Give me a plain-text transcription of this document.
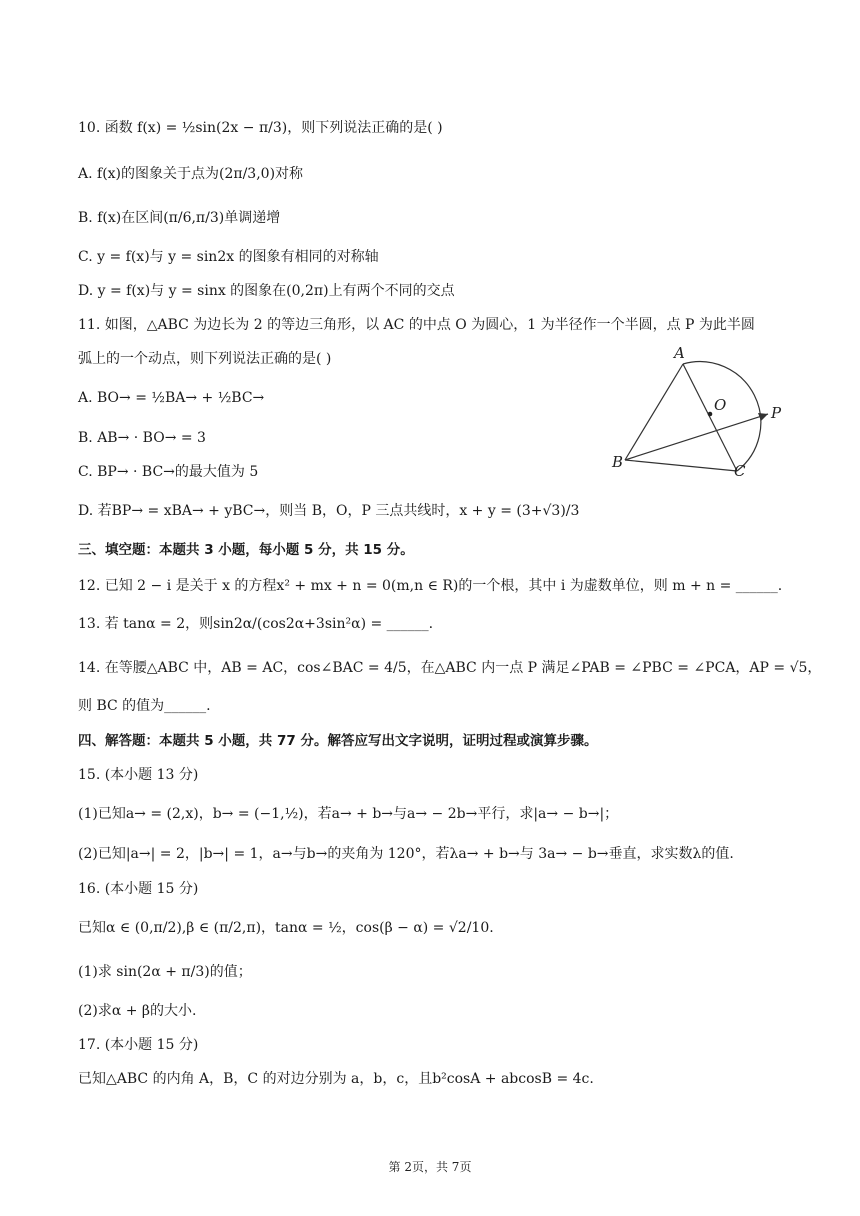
10. 函数 f(x) = ½sin(2x − π/3)，则下列说法正确的是( )
A. f(x)的图象关于点为(2π/3,0)对称
B. f(x)在区间(π/6,π/3)单调递增
C. y = f(x)与 y = sin2x 的图象有相同的对称轴
D. y = f(x)与 y = sinx 的图象在(0,2π)上有两个不同的交点
11. 如图，△ABC 为边长为 2 的等边三角形，以 AC 的中点 O 为圆心，1 为半径作一个半圆，点 P 为此半圆
弧上的一个动点，则下列说法正确的是( )
A. BO→ = ½BA→ + ½BC→
B. AB→ · BO→ = 3
C. BP→ · BC→的最大值为 5
D. 若BP→ = xBA→ + yBC→，则当 B，O，P 三点共线时，x + y = (3+√3)/3
三、填空题：本题共 3 小题，每小题 5 分，共 15 分。
12. 已知 2 − i 是关于 x 的方程x² + mx + n = 0(m,n ∈ R)的一个根，其中 i 为虚数单位，则 m + n = ______.
13. 若 tanα = 2，则sin2α/(cos2α+3sin²α) = ______.
14. 在等腰△ABC 中，AB = AC，cos∠BAC = 4/5，在△ABC 内一点 P 满足∠PAB = ∠PBC = ∠PCA，AP = √5，
则 BC 的值为______.
四、解答题：本题共 5 小题，共 77 分。解答应写出文字说明，证明过程或演算步骤。
15. (本小题 13 分)
(1)已知a→ = (2,x)，b→ = (−1,½)，若a→ + b→与a→ − 2b→平行，求|a→ − b→|；
(2)已知|a→| = 2，|b→| = 1，a→与b→的夹角为 120°，若λa→ + b→与 3a→ − b→垂直，求实数λ的值.
16. (本小题 15 分)
已知α ∈ (0,π/2),β ∈ (π/2,π)，tanα = ½，cos(β − α) = √2/10.
(1)求 sin(2α + π/3)的值；
(2)求α + β的大小.
17. (本小题 15 分)
已知△ABC 的内角 A，B，C 的对边分别为 a，b，c，且b²cosA + abcosB = 4c.
A
B	C
O	P
第 2页，共 7页
